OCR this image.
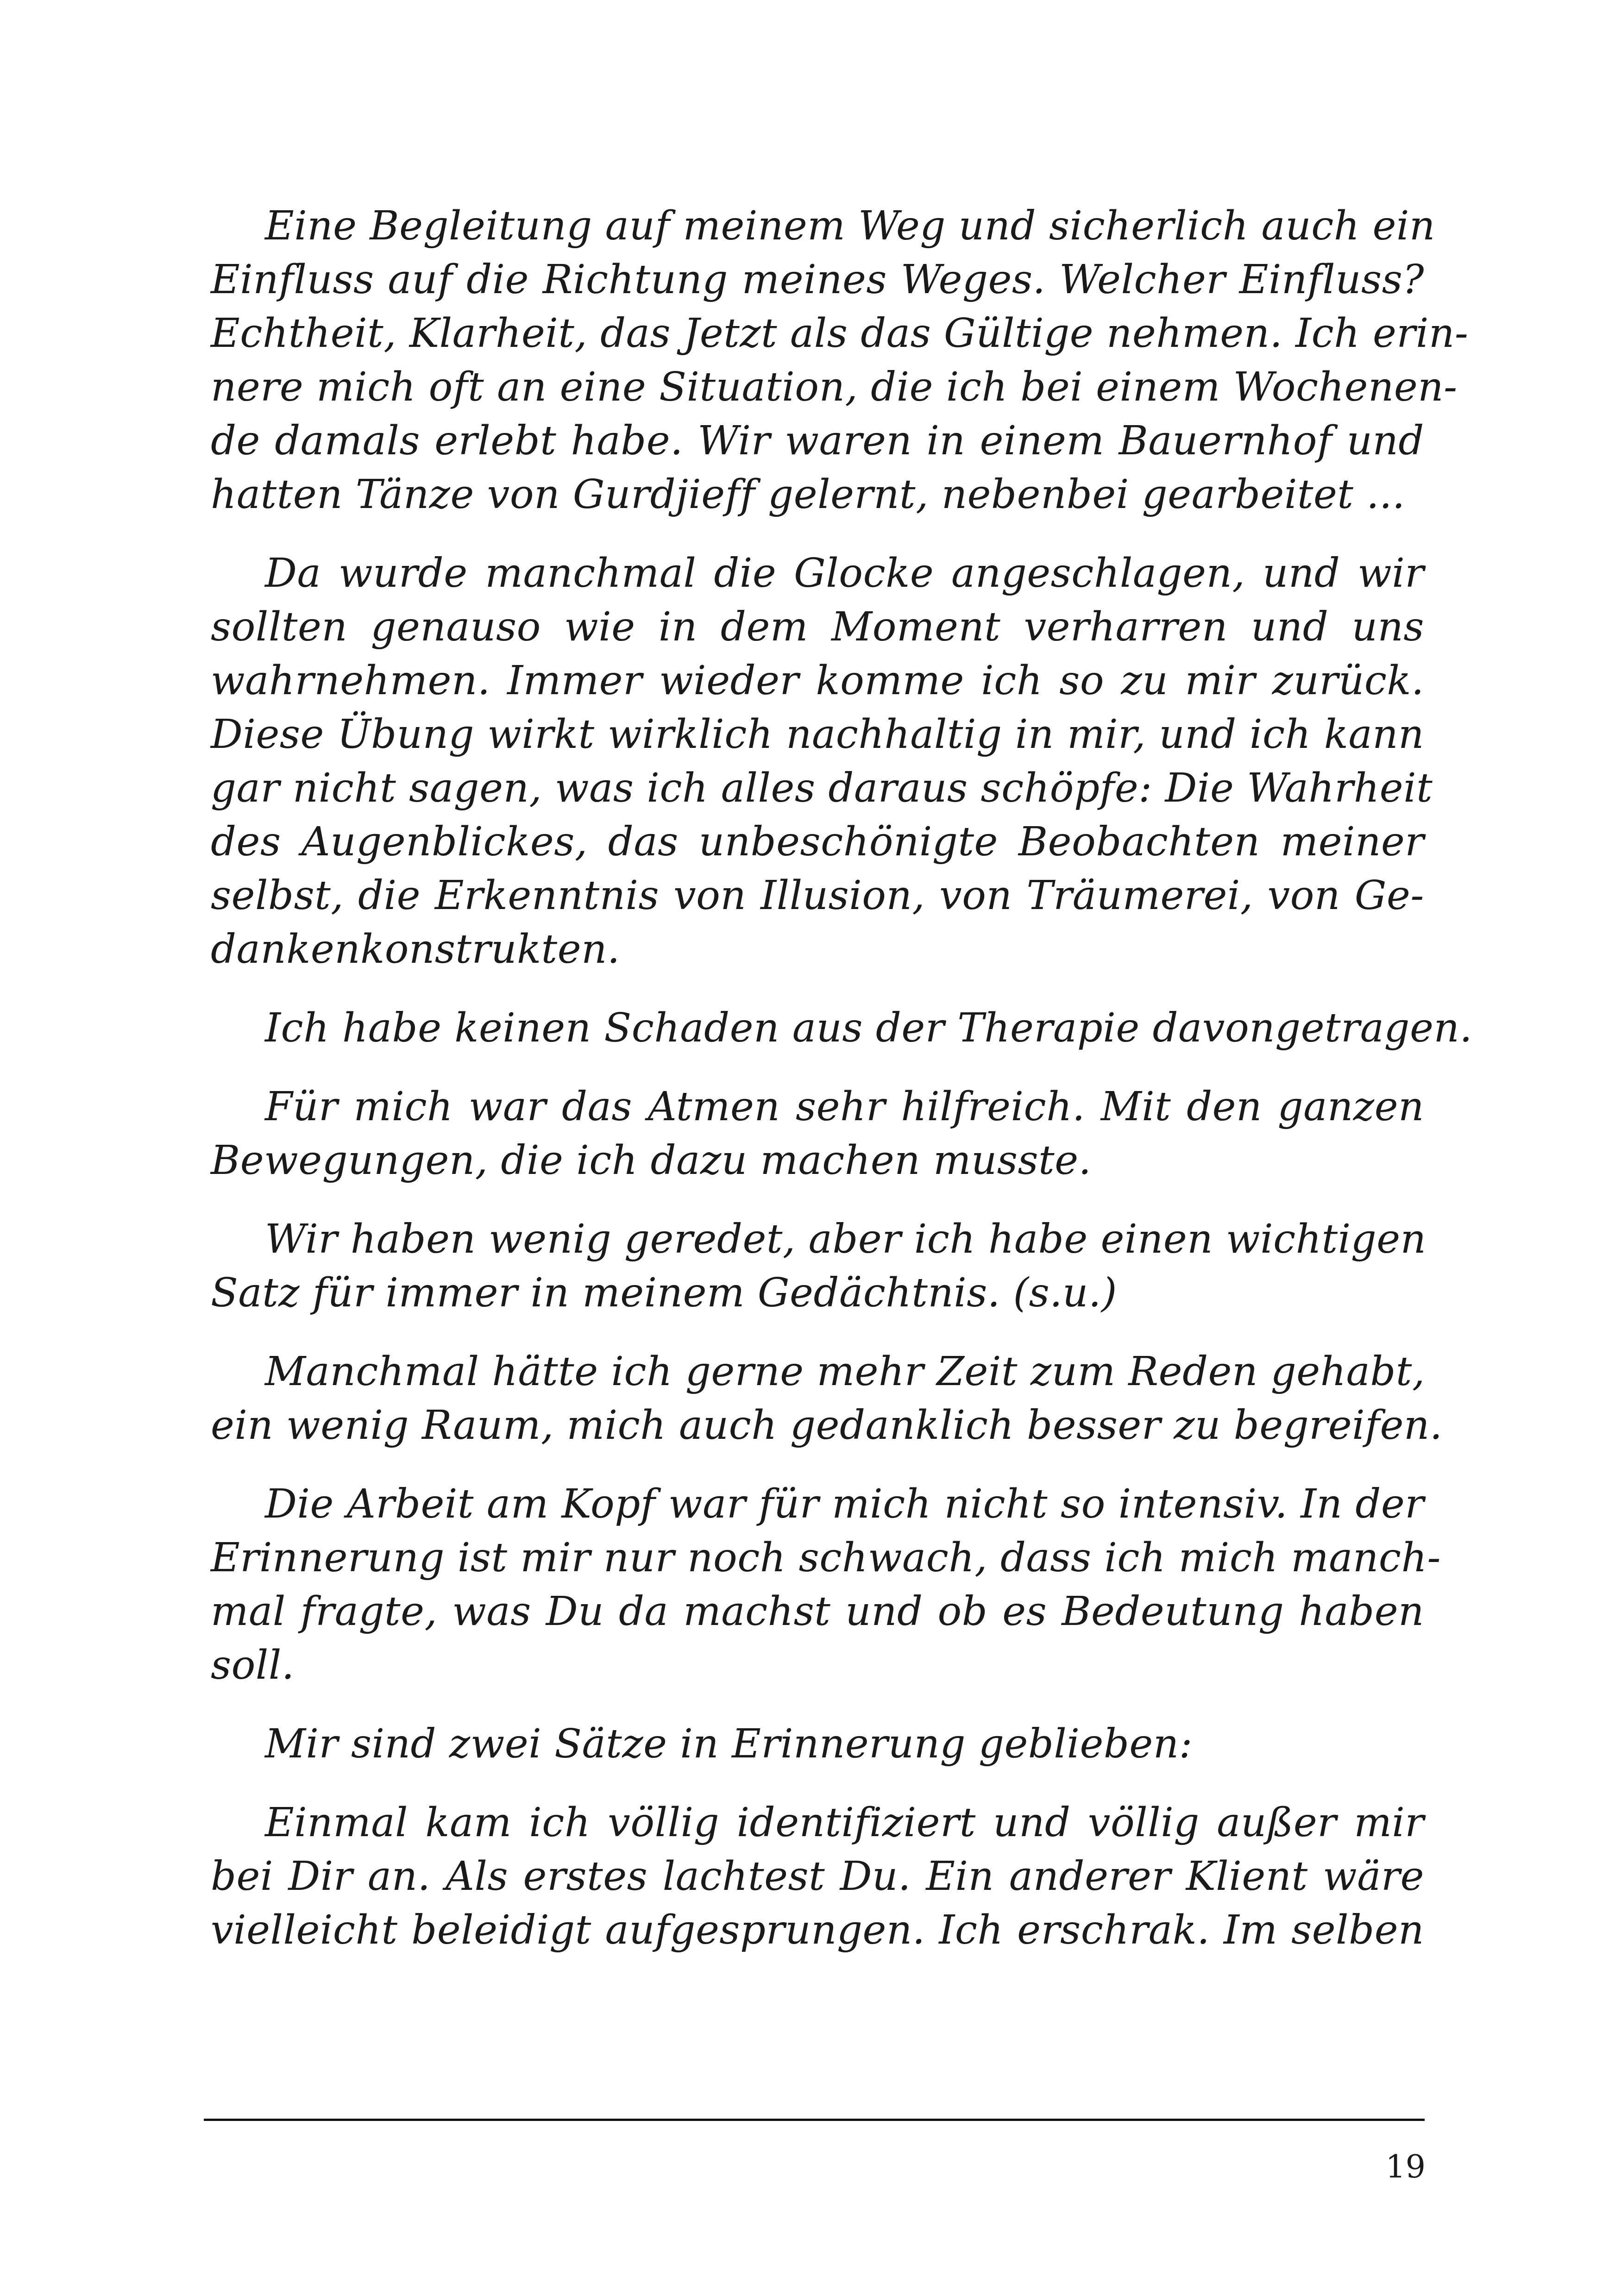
Eine Begleitung auf meinem Weg und sicherlich auch ein
Einfluss auf die Richtung meines Weges. Welcher Einfluss?
Echtheit, Klarheit, das Jetzt als das Gültige nehmen. Ich erin-
nere mich oft an eine Situation, die ich bei einem Wochenen-
de damals erlebt habe. Wir waren in einem Bauernhof und
hatten Tänze von Gurdjieff gelernt, nebenbei gearbeitet ...
Da wurde manchmal die Glocke angeschlagen, und wir
sollten genauso wie in dem Moment verharren und uns
wahrnehmen. Immer wieder komme ich so zu mir zurück.
Diese Übung wirkt wirklich nachhaltig in mir, und ich kann
gar nicht sagen, was ich alles daraus schöpfe: Die Wahrheit
des Augenblickes, das unbeschönigte Beobachten meiner
selbst, die Erkenntnis von Illusion, von Träumerei, von Ge-
dankenkonstrukten.
Ich habe keinen Schaden aus der Therapie davongetragen.
Für mich war das Atmen sehr hilfreich. Mit den ganzen
Bewegungen, die ich dazu machen musste.
Wir haben wenig geredet, aber ich habe einen wichtigen
Satz für immer in meinem Gedächtnis. (s.u.)
Manchmal hätte ich gerne mehr Zeit zum Reden gehabt,
ein wenig Raum, mich auch gedanklich besser zu begreifen.
Die Arbeit am Kopf war für mich nicht so intensiv. In der
Erinnerung ist mir nur noch schwach, dass ich mich manch-
mal fragte, was Du da machst und ob es Bedeutung haben
soll.
Mir sind zwei Sätze in Erinnerung geblieben:
Einmal kam ich völlig identifiziert und völlig außer mir
bei Dir an. Als erstes lachtest Du. Ein anderer Klient wäre
vielleicht beleidigt aufgesprungen. Ich erschrak. Im selben
19
